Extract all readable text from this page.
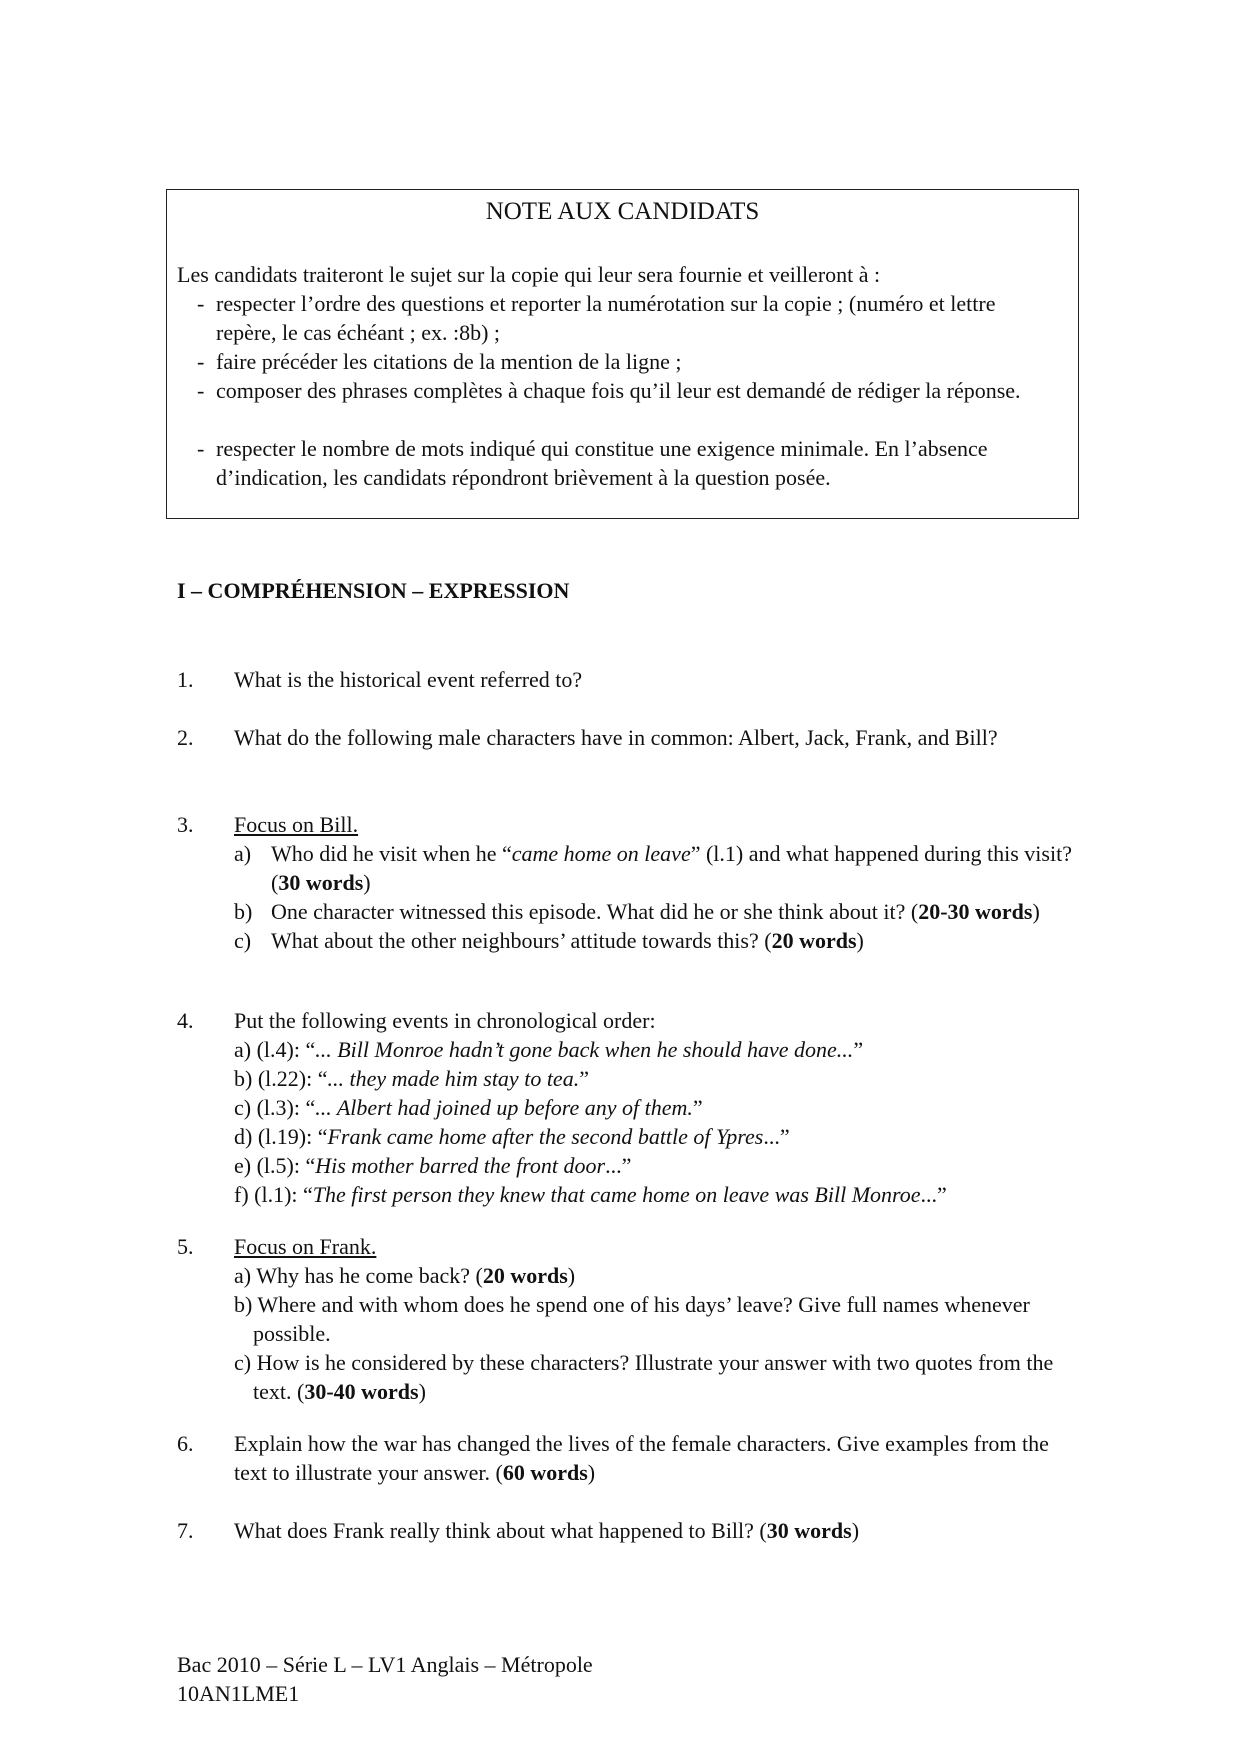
NOTE AUX CANDIDATS
Les candidats traiteront le sujet sur la copie qui leur sera fournie et veilleront à :
- respecter l’ordre des questions et reporter la numérotation sur la copie ; (numéro et lettre repère, le cas échéant ; ex. :8b) ;
- faire précéder les citations de la mention de la ligne ;
- composer des phrases complètes à chaque fois qu’il leur est demandé de rédiger la réponse.
- respecter le nombre de mots indiqué qui constitue une exigence minimale. En l’absence d’indication, les candidats répondront brièvement à la question posée.
I – COMPRÉHENSION – EXPRESSION
1. What is the historical event referred to?
2. What do the following male characters have in common: Albert, Jack, Frank, and Bill?
3. Focus on Bill.
a) Who did he visit when he “came home on leave” (l.1) and what happened during this visit? (30 words)
b) One character witnessed this episode. What did he or she think about it? (20-30 words)
c) What about the other neighbours’ attitude towards this? (20 words)
4. Put the following events in chronological order:
a) (l.4): “... Bill Monroe hadn’t gone back when he should have done...”
b) (l.22): “... they made him stay to tea.”
c) (l.3): “... Albert had joined up before any of them.”
d) (l.19): “Frank came home after the second battle of Ypres...”
e) (l.5): “His mother barred the front door...”
f) (l.1): “The first person they knew that came home on leave was Bill Monroe...”
5. Focus on Frank.
a) Why has he come back? (20 words)
b) Where and with whom does he spend one of his days’ leave? Give full names whenever possible.
c) How is he considered by these characters? Illustrate your answer with two quotes from the text. (30-40 words)
6. Explain how the war has changed the lives of the female characters. Give examples from the text to illustrate your answer. (60 words)
7. What does Frank really think about what happened to Bill? (30 words)
Bac 2010 – Série L – LV1 Anglais – Métropole
10AN1LME1
